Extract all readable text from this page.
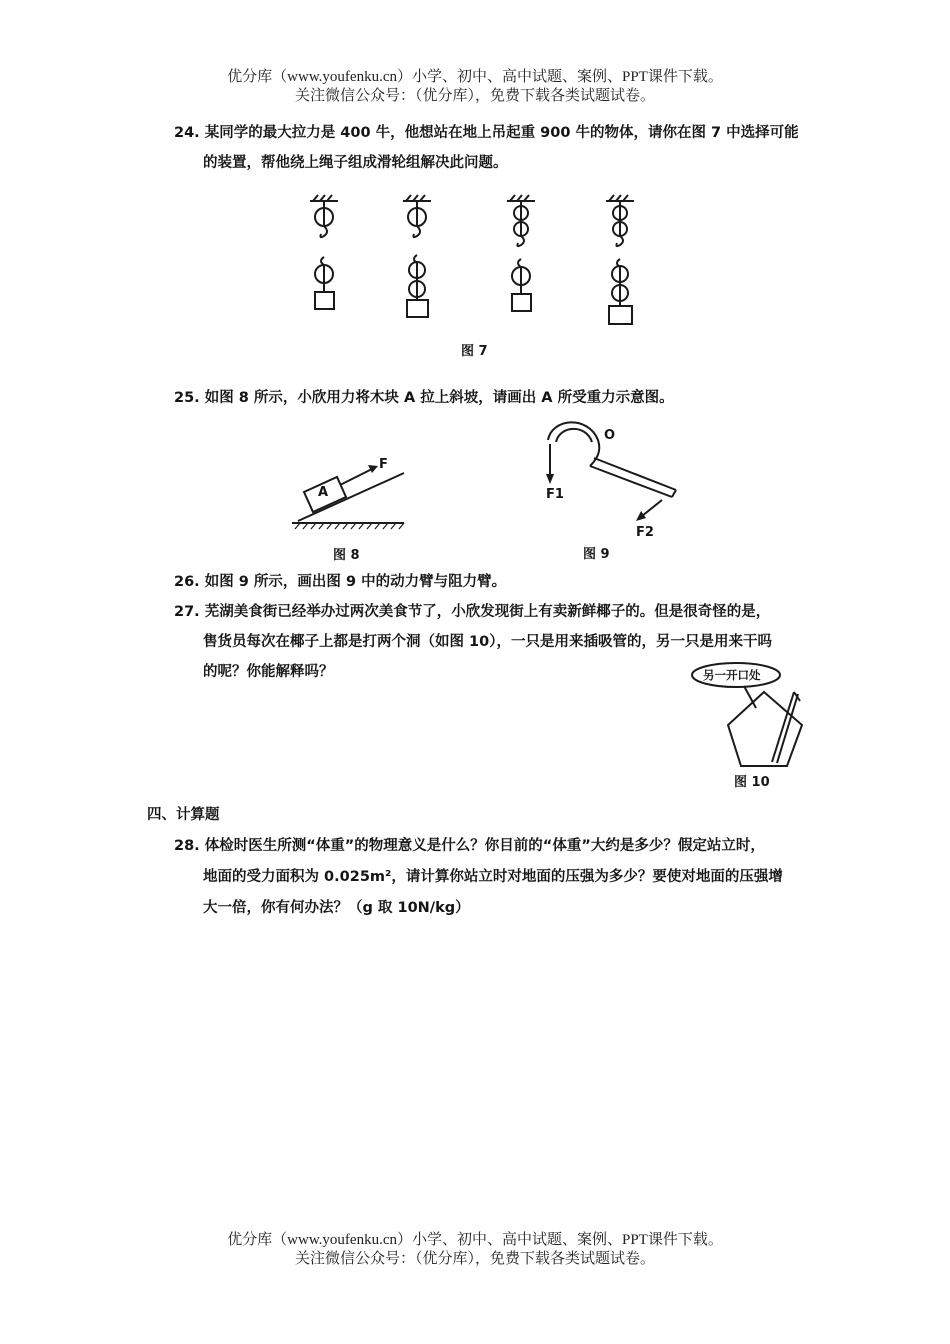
优分库（www.youfenku.cn）小学、初中、高中试题、案例、PPT课件下载。
关注微信公众号：（优分库），免费下载各类试题试卷。
24. 某同学的最大拉力是 400 牛，他想站在地上吊起重 900 牛的物体，请你在图 7 中选择可能
的装置，帮他绕上绳子组成滑轮组解决此问题。
图 7
25. 如图 8 所示，小欣用力将木块 A 拉上斜坡，请画出 A 所受重力示意图。
A
F
图 8
O
F1
F2
图 9
26. 如图 9 所示，画出图 9 中的动力臂与阻力臂。
27. 芜湖美食街已经举办过两次美食节了，小欣发现街上有卖新鲜椰子的。但是很奇怪的是，
售货员每次在椰子上都是打两个洞（如图 10），一只是用来插吸管的，另一只是用来干吗
的呢？你能解释吗？	另一开口处
图 10
四、计算题
28. 体检时医生所测“体重”的物理意义是什么？你目前的“体重”大约是多少？假定站立时，
地面的受力面积为 0.025m²，请计算你站立时对地面的压强为多少？要使对地面的压强增
大一倍，你有何办法？（g 取 10N/kg）
优分库（www.youfenku.cn）小学、初中、高中试题、案例、PPT课件下载。
关注微信公众号：（优分库），免费下载各类试题试卷。
